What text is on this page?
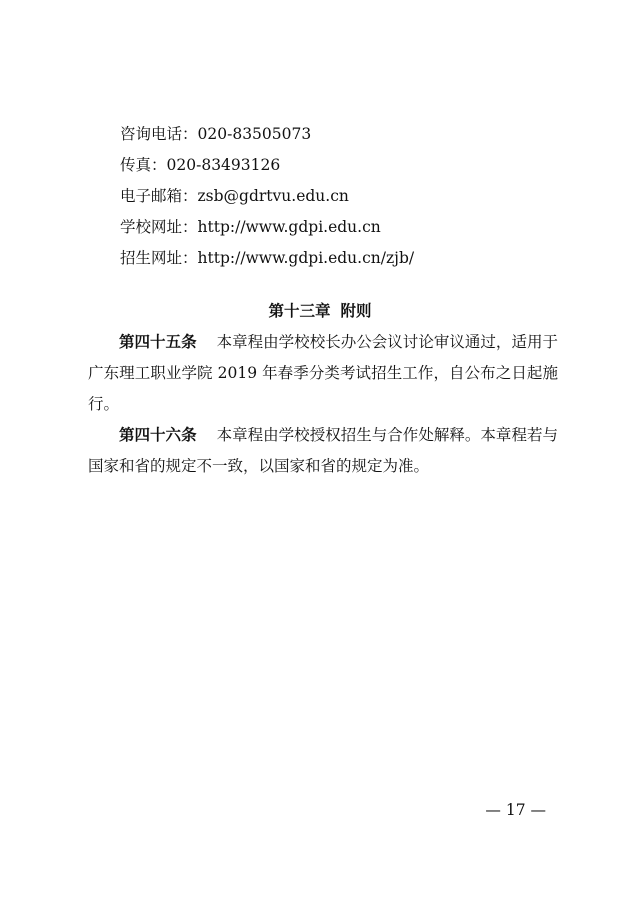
咨询电话：020-83505073
传真：020-83493126
电子邮箱：zsb@gdrtvu.edu.cn
学校网址：http://www.gdpi.edu.cn
招生网址：http://www.gdpi.edu.cn/zjb/
第十三章 附则

第四十五条 本章程由学校校长办公会议讨论审议通过，适用于广东理工职业学院 2019 年春季分类考试招生工作，自公布之日起施行。

第四十六条 本章程由学校授权招生与合作处解释。本章程若与国家和省的规定不一致，以国家和省的规定为准。

— 17 —
